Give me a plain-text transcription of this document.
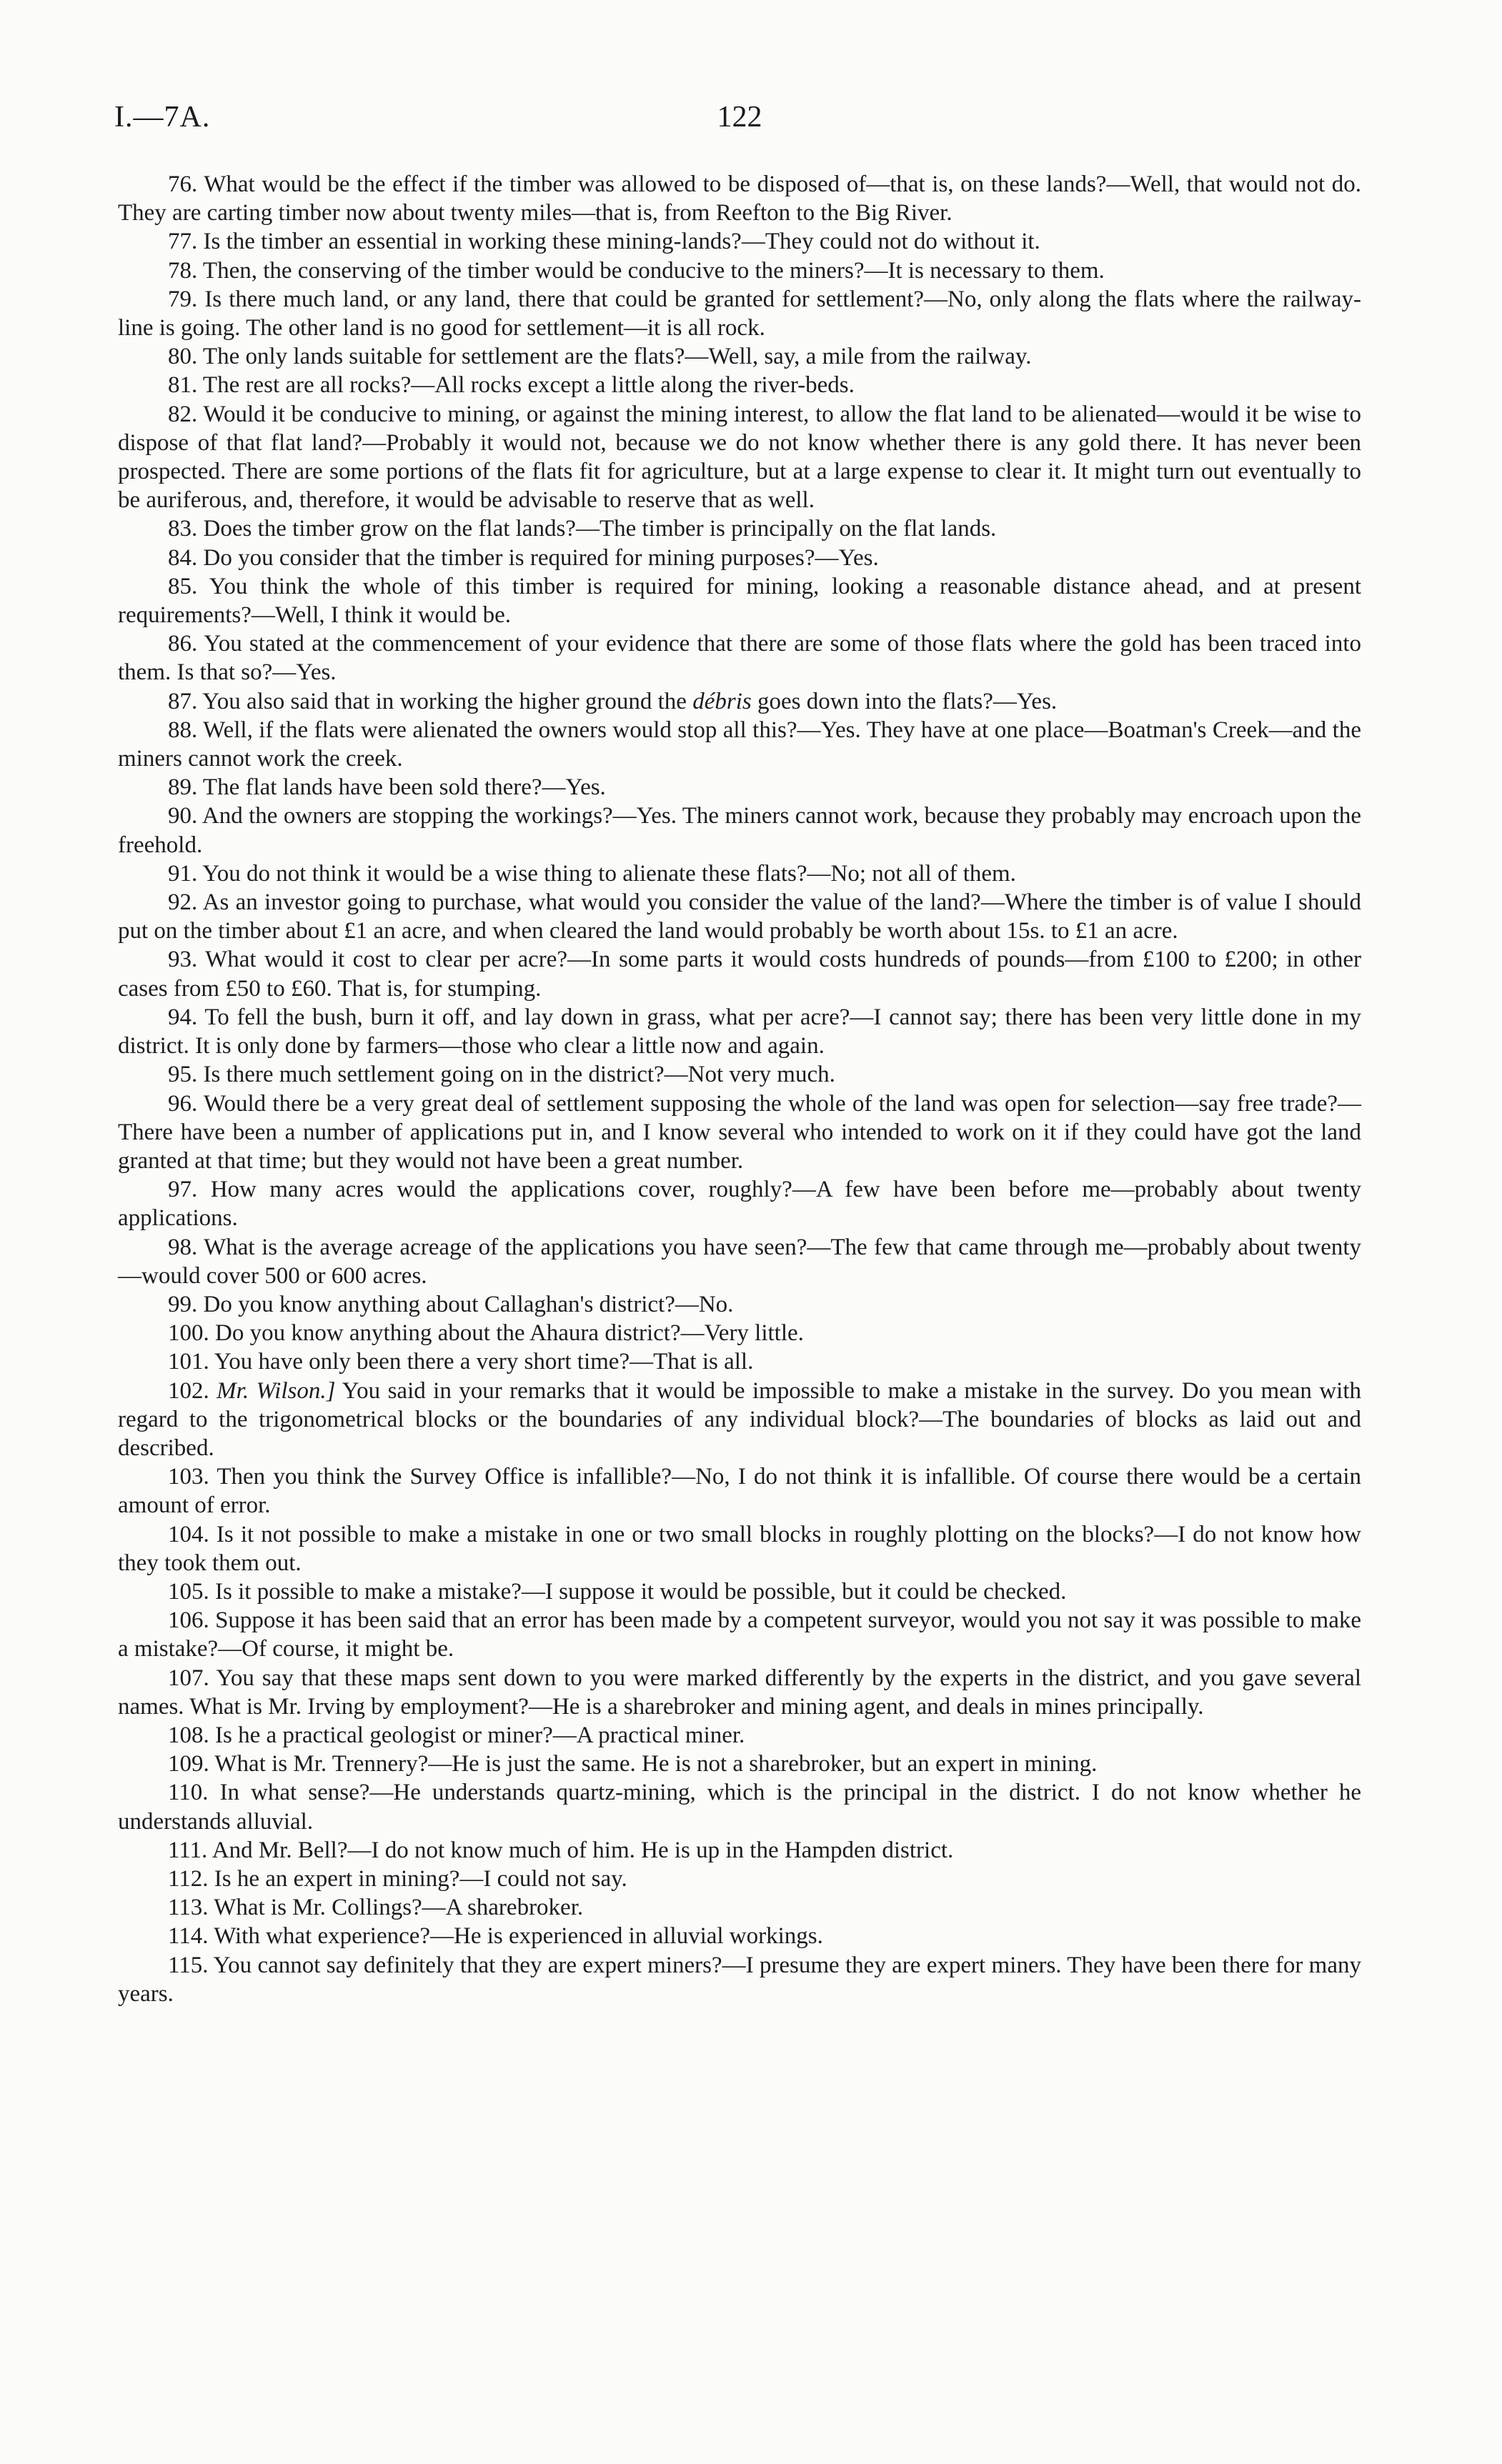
I.—7A.	122

76. What would be the effect if the timber was allowed to be disposed of—that is, on these lands?—Well, that would not do. They are carting timber now about twenty miles—that is, from Reefton to the Big River.

77. Is the timber an essential in working these mining-lands?—They could not do without it.

78. Then, the conserving of the timber would be conducive to the miners?—It is necessary to them.

79. Is there much land, or any land, there that could be granted for settlement?—No, only along the flats where the railway-line is going. The other land is no good for settlement—it is all rock.

80. The only lands suitable for settlement are the flats?—Well, say, a mile from the railway.

81. The rest are all rocks?—All rocks except a little along the river-beds.

82. Would it be conducive to mining, or against the mining interest, to allow the flat land to be alienated—would it be wise to dispose of that flat land?—Probably it would not, because we do not know whether there is any gold there. It has never been prospected. There are some portions of the flats fit for agriculture, but at a large expense to clear it. It might turn out eventually to be auriferous, and, therefore, it would be advisable to reserve that as well.

83. Does the timber grow on the flat lands?—The timber is principally on the flat lands.

84. Do you consider that the timber is required for mining purposes?—Yes.

85. You think the whole of this timber is required for mining, looking a reasonable distance ahead, and at present requirements?—Well, I think it would be.

86. You stated at the commencement of your evidence that there are some of those flats where the gold has been traced into them. Is that so?—Yes.

87. You also said that in working the higher ground the débris goes down into the flats?—Yes.

88. Well, if the flats were alienated the owners would stop all this?—Yes. They have at one place—Boatman's Creek—and the miners cannot work the creek.

89. The flat lands have been sold there?—Yes.

90. And the owners are stopping the workings?—Yes. The miners cannot work, because they probably may encroach upon the freehold.

91. You do not think it would be a wise thing to alienate these flats?—No; not all of them.

92. As an investor going to purchase, what would you consider the value of the land?—Where the timber is of value I should put on the timber about £1 an acre, and when cleared the land would probably be worth about 15s. to £1 an acre.

93. What would it cost to clear per acre?—In some parts it would costs hundreds of pounds—from £100 to £200; in other cases from £50 to £60. That is, for stumping.

94. To fell the bush, burn it off, and lay down in grass, what per acre?—I cannot say; there has been very little done in my district. It is only done by farmers—those who clear a little now and again.

95. Is there much settlement going on in the district?—Not very much.

96. Would there be a very great deal of settlement supposing the whole of the land was open for selection—say free trade?—There have been a number of applications put in, and I know several who intended to work on it if they could have got the land granted at that time; but they would not have been a great number.

97. How many acres would the applications cover, roughly?—A few have been before me—probably about twenty applications.

98. What is the average acreage of the applications you have seen?—The few that came through me—probably about twenty—would cover 500 or 600 acres.

99. Do you know anything about Callaghan's district?—No.

100. Do you know anything about the Ahaura district?—Very little.

101. You have only been there a very short time?—That is all.

102. Mr. Wilson.] You said in your remarks that it would be impossible to make a mistake in the survey. Do you mean with regard to the trigonometrical blocks or the boundaries of any individual block?—The boundaries of blocks as laid out and described.

103. Then you think the Survey Office is infallible?—No, I do not think it is infallible. Of course there would be a certain amount of error.

104. Is it not possible to make a mistake in one or two small blocks in roughly plotting on the blocks?—I do not know how they took them out.

105. Is it possible to make a mistake?—I suppose it would be possible, but it could be checked.

106. Suppose it has been said that an error has been made by a competent surveyor, would you not say it was possible to make a mistake?—Of course, it might be.

107. You say that these maps sent down to you were marked differently by the experts in the district, and you gave several names. What is Mr. Irving by employment?—He is a sharebroker and mining agent, and deals in mines principally.

108. Is he a practical geologist or miner?—A practical miner.

109. What is Mr. Trennery?—He is just the same. He is not a sharebroker, but an expert in mining.

110. In what sense?—He understands quartz-mining, which is the principal in the district. I do not know whether he understands alluvial.

111. And Mr. Bell?—I do not know much of him. He is up in the Hampden district.

112. Is he an expert in mining?—I could not say.

113. What is Mr. Collings?—A sharebroker.

114. With what experience?—He is experienced in alluvial workings.

115. You cannot say definitely that they are expert miners?—I presume they are expert miners. They have been there for many years.
